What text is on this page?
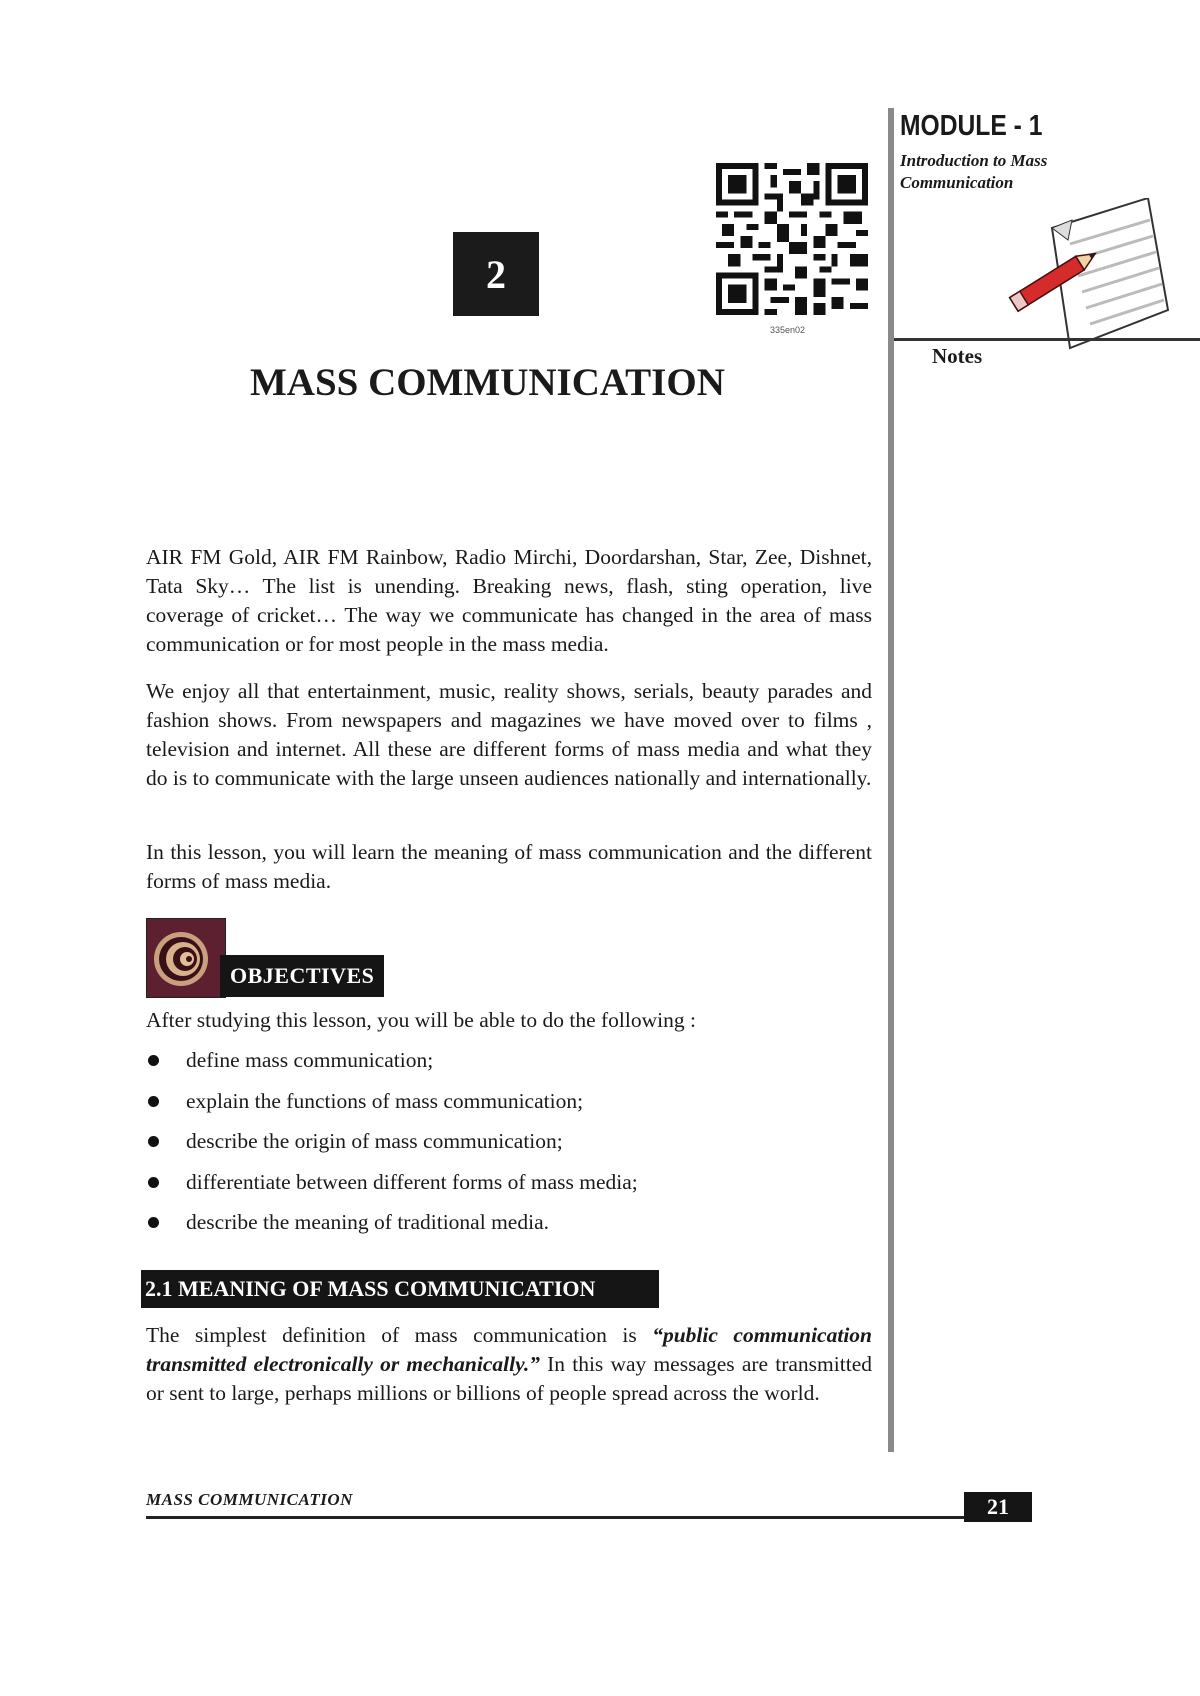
MODULE - 1
Introduction to Mass Communication
Notes
2
335en02
MASS COMMUNICATION

AIR FM Gold, AIR FM Rainbow, Radio Mirchi, Doordarshan, Star, Zee, Dishnet, Tata Sky… The list is unending. Breaking news, flash, sting operation, live coverage of cricket… The way we communicate has changed in the area of mass communication or for most people in the mass media.

We enjoy all that entertainment, music, reality shows, serials, beauty parades and fashion shows. From newspapers and magazines we have moved over to films , television and internet. All these are different forms of mass media and what they do is to communicate with the large unseen audiences nationally and internationally.

In this lesson, you will learn the meaning of mass communication and the different forms of mass media.

OBJECTIVES

After studying this lesson, you will be able to do the following :

define mass communication;
explain the functions of mass communication;
describe the origin of mass communication;
differentiate between different forms of mass media;
describe the meaning of traditional media.
2.1 MEANING OF MASS COMMUNICATION

The simplest definition of mass communication is “public communication transmitted electronically or mechanically.” In this way messages are transmitted or sent to large, perhaps millions or billions of people spread across the world.

MASS COMMUNICATION	21
